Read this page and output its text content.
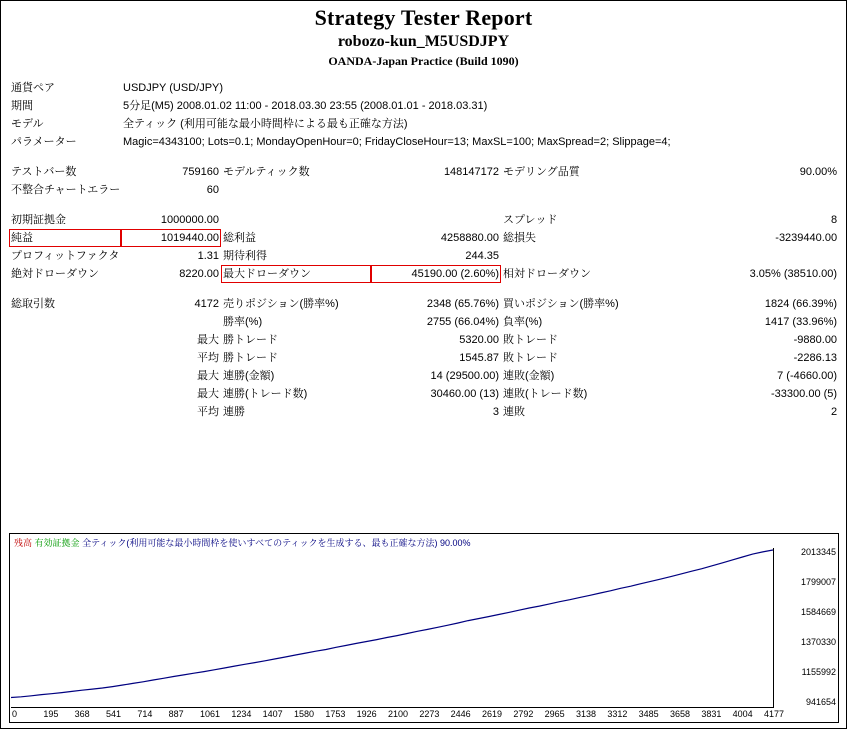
Strategy Tester Report
robozo-kun_M5USDJPY
OANDA-Japan Practice (Build 1090)
通貨ペア	USDJPY (USD/JPY)				
期間	5分足(M5) 2008.01.02 11:00 - 2018.03.30 23:55 (2008.01.01 - 2018.03.31)				
モデル	全ティック (利用可能な最小時間枠による最も正確な方法)				
パラメーター	Magic=4343100; Lots=0.1; MondayOpenHour=0; FridayCloseHour=13; MaxSL=100; MaxSpread=2; Slippage=4;				

テストバー数	759160	モデルティック数	148147172	モデリング品質	90.00%
不整合チャートエラー	60				

初期証拠金	1000000.00			スプレッド	8
純益	1019440.00	総利益	4258880.00	総損失	-3239440.00
プロフィットファクタ	1.31	期待利得	244.35		
絶対ドローダウン	8220.00	最大ドローダウン	45190.00 (2.60%)	相対ドローダウン	3.05% (38510.00)

総取引数	4172	売りポジション(勝率%)	2348 (65.76%)	買いポジション(勝率%)	1824 (66.39%)
		勝率(%)	2755 (66.04%)	負率(%)	1417 (33.96%)
	最大	勝トレード	5320.00	敗トレード	-9880.00
	平均	勝トレード	1545.87	敗トレード	-2286.13
	最大	連勝(金額)	14 (29500.00)	連敗(金額)	7 (-4660.00)
	最大	連勝(トレード数)	30460.00 (13)	連敗(トレード数)	-33300.00 (5)
	平均	連勝	3	連敗	2
残高 有効証拠金 全ティック(利用可能な最小時間枠を使いすべてのティックを生成する、最も正確な方法) 90.00%
2013345
1799007
1584669
1370330
1155992
941654
0	195 368 541 714 887 1061 1234 1407 1580 1753 1926 2100 2273 2446 2619 2792 2965 3138 3312 3485 3658 3831 4004 4177
